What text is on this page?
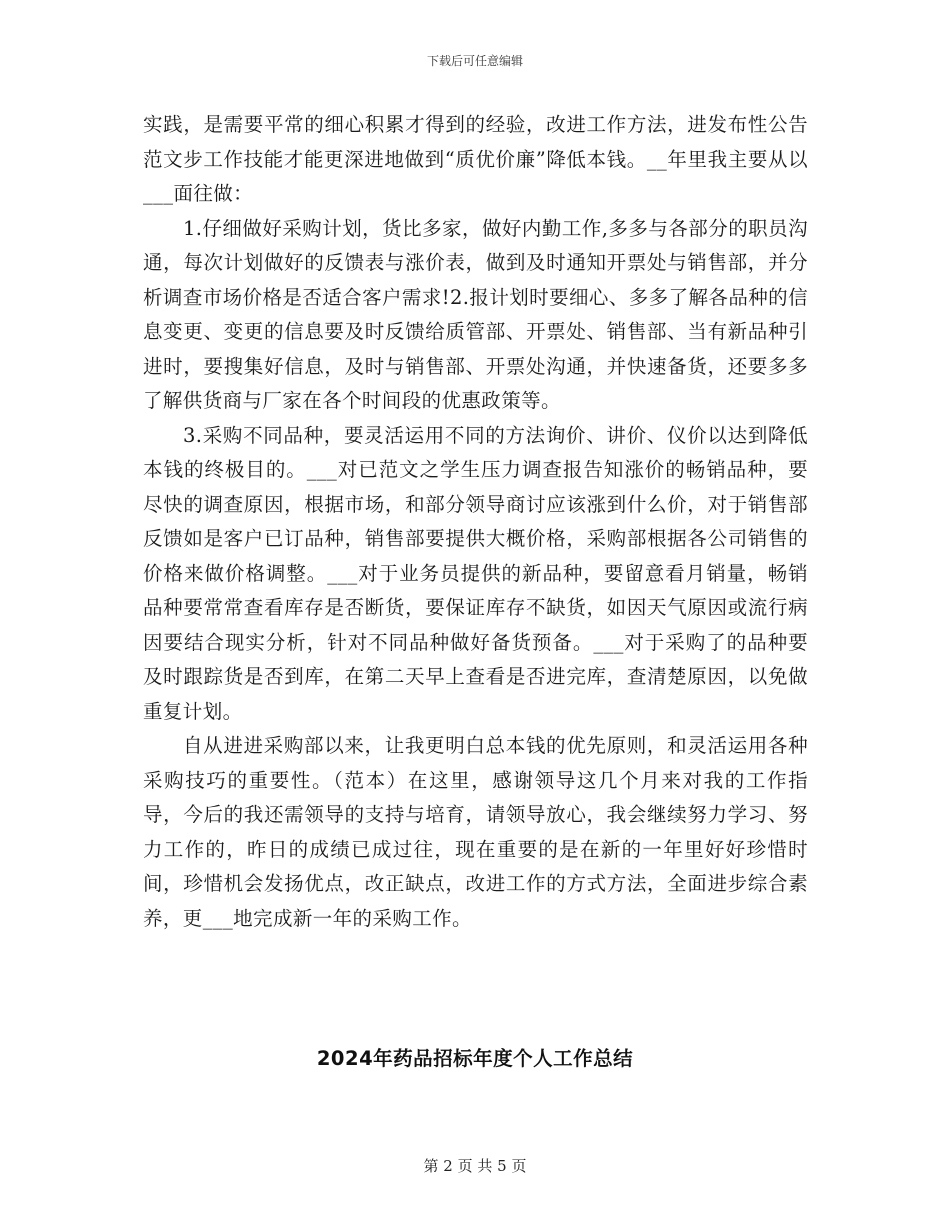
下载后可任意编辑

实践，是需要平常的细心积累才得到的经验，改进工作方法，进发布性公告范文步工作技能才能更深进地做到“质优价廉”降低本钱。__年里我主要从以___面往做：

1.仔细做好采购计划，货比多家，做好内勤工作,多多与各部分的职员沟通，每次计划做好的反馈表与涨价表，做到及时通知开票处与销售部，并分析调查市场价格是否适合客户需求!2.报计划时要细心、多多了解各品种的信息变更、变更的信息要及时反馈给质管部、开票处、销售部、当有新品种引进时，要搜集好信息，及时与销售部、开票处沟通，并快速备货，还要多多了解供货商与厂家在各个时间段的优惠政策等。

3.采购不同品种，要灵活运用不同的方法询价、讲价、仪价以达到降低本钱的终极目的。___对已范文之学生压力调查报告知涨价的畅销品种，要尽快的调查原因，根据市场，和部分领导商讨应该涨到什么价，对于销售部反馈如是客户已订品种，销售部要提供大概价格，采购部根据各公司销售的价格来做价格调整。___对于业务员提供的新品种，要留意看月销量，畅销品种要常常查看库存是否断货，要保证库存不缺货，如因天气原因或流行病因要结合现实分析，针对不同品种做好备货预备。___对于采购了的品种要及时跟踪货是否到库，在第二天早上查看是否进完库，查清楚原因，以免做重复计划。

自从进进采购部以来，让我更明白总本钱的优先原则，和灵活运用各种采购技巧的重要性。（范本）在这里，感谢领导这几个月来对我的工作指导，今后的我还需领导的支持与培育，请领导放心，我会继续努力学习、努力工作的，昨日的成绩已成过往，现在重要的是在新的一年里好好珍惜时间，珍惜机会发扬优点，改正缺点，改进工作的方式方法，全面进步综合素养，更___地完成新一年的采购工作。

2024年药品招标年度个人工作总结
第 2 页 共 5 页
